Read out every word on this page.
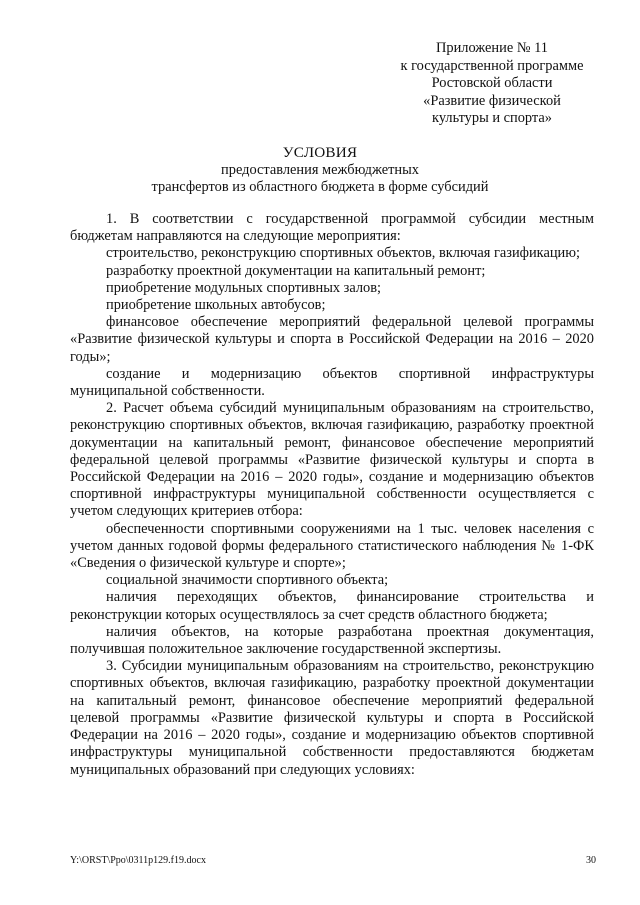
Приложение № 11
к государственной программе
Ростовской области
«Развитие физической
культуры и спорта»
УСЛОВИЯ
предоставления межбюджетных
трансфертов из областного бюджета в форме субсидий

1. В соответствии с государственной программой субсидии местным бюджетам направляются на следующие мероприятия:

строительство, реконструкцию спортивных объектов, включая газификацию;

разработку проектной документации на капитальный ремонт;

приобретение модульных спортивных залов;

приобретение школьных автобусов;

финансовое обеспечение мероприятий федеральной целевой программы «Развитие физической культуры и спорта в Российской Федерации на 2016 – 2020 годы»;

создание и модернизацию объектов спортивной инфраструктуры муниципальной собственности.

2. Расчет объема субсидий муниципальным образованиям на строительство, реконструкцию спортивных объектов, включая газификацию, разработку проектной документации на капитальный ремонт, финансовое обеспечение мероприятий федеральной целевой программы «Развитие физической культуры и спорта в Российской Федерации на 2016 – 2020 годы», создание и модернизацию объектов спортивной инфраструктуры муниципальной собственности осуществляется с учетом следующих критериев отбора:

обеспеченности спортивными сооружениями на 1 тыс. человек населения с учетом данных годовой формы федерального статистического наблюдения № 1-ФК «Сведения о физической культуре и спорте»;

социальной значимости спортивного объекта;

наличия переходящих объектов, финансирование строительства и реконструкции которых осуществлялось за счет средств областного бюджета;

наличия объектов, на которые разработана проектная документация, получившая положительное заключение государственной экспертизы.

3. Субсидии муниципальным образованиям на строительство, реконструкцию спортивных объектов, включая газификацию, разработку проектной документации на капитальный ремонт, финансовое обеспечение мероприятий федеральной целевой программы «Развитие физической культуры и спорта в Российской Федерации на 2016 – 2020 годы», создание и модернизацию объектов спортивной инфраструктуры муниципальной собственности предоставляются бюджетам муниципальных образований при следующих условиях:

Y:\ORST\Ppo\0311p129.f19.docx	30
